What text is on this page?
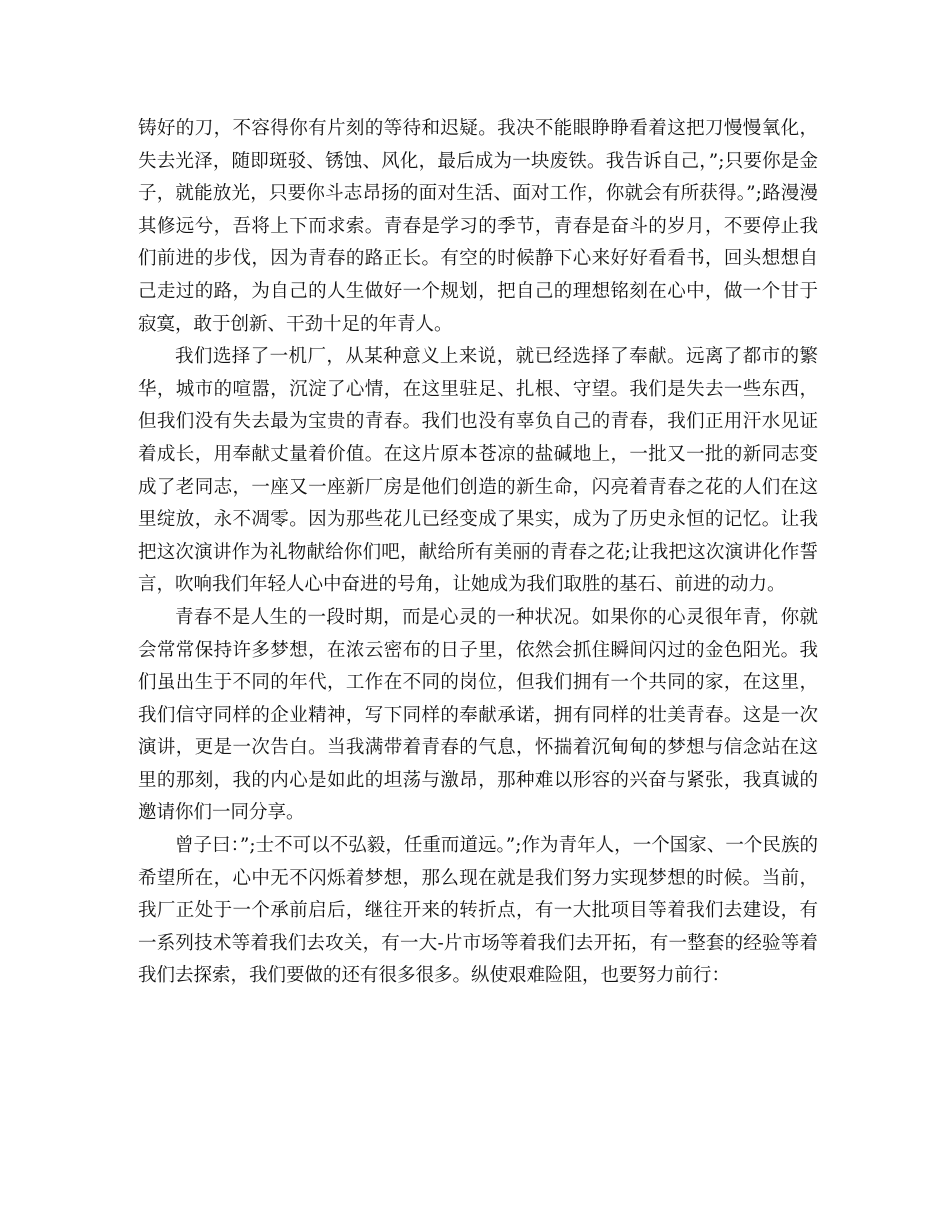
铸好的刀，不容得你有片刻的等待和迟疑。我决不能眼睁睁看着这把刀慢慢氧化，失去光泽，随即斑驳、锈蚀、风化，最后成为一块废铁。我告诉自己，”;只要你是金子，就能放光，只要你斗志昂扬的面对生活、面对工作，你就会有所获得。”;路漫漫其修远兮，吾将上下而求索。青春是学习的季节，青春是奋斗的岁月，不要停止我们前进的步伐，因为青春的路正长。有空的时候静下心来好好看看书，回头想想自己走过的路，为自己的人生做好一个规划，把自己的理想铭刻在心中，做一个甘于寂寞，敢于创新、干劲十足的年青人。

我们选择了一机厂，从某种意义上来说，就已经选择了奉献。远离了都市的繁华，城市的喧嚣，沉淀了心情，在这里驻足、扎根、守望。我们是失去一些东西，但我们没有失去最为宝贵的青春。我们也没有辜负自己的青春，我们正用汗水见证着成长，用奉献丈量着价值。在这片原本苍凉的盐碱地上，一批又一批的新同志变成了老同志，一座又一座新厂房是他们创造的新生命，闪亮着青春之花的人们在这里绽放，永不凋零。因为那些花儿已经变成了果实，成为了历史永恒的记忆。让我把这次演讲作为礼物献给你们吧，献给所有美丽的青春之花;让我把这次演讲化作誓言，吹响我们年轻人心中奋进的号角，让她成为我们取胜的基石、前进的动力。

青春不是人生的一段时期，而是心灵的一种状况。如果你的心灵很年青，你就会常常保持许多梦想，在浓云密布的日子里，依然会抓住瞬间闪过的金色阳光。我们虽出生于不同的年代，工作在不同的岗位，但我们拥有一个共同的家，在这里，我们信守同样的企业精神，写下同样的奉献承诺，拥有同样的壮美青春。这是一次演讲，更是一次告白。当我满带着青春的气息，怀揣着沉甸甸的梦想与信念站在这里的那刻，我的内心是如此的坦荡与激昂，那种难以形容的兴奋与紧张，我真诚的邀请你们一同分享。

曾子曰：”;士不可以不弘毅，任重而道远。”;作为青年人，一个国家、一个民族的希望所在，心中无不闪烁着梦想，那么现在就是我们努力实现梦想的时候。当前，我厂正处于一个承前启后，继往开来的转折点，有一大批项目等着我们去建设，有一系列技术等着我们去攻关，有一大-片市场等着我们去开拓，有一整套的经验等着我们去探索，我们要做的还有很多很多。纵使艰难险阻，也要努力前行：
